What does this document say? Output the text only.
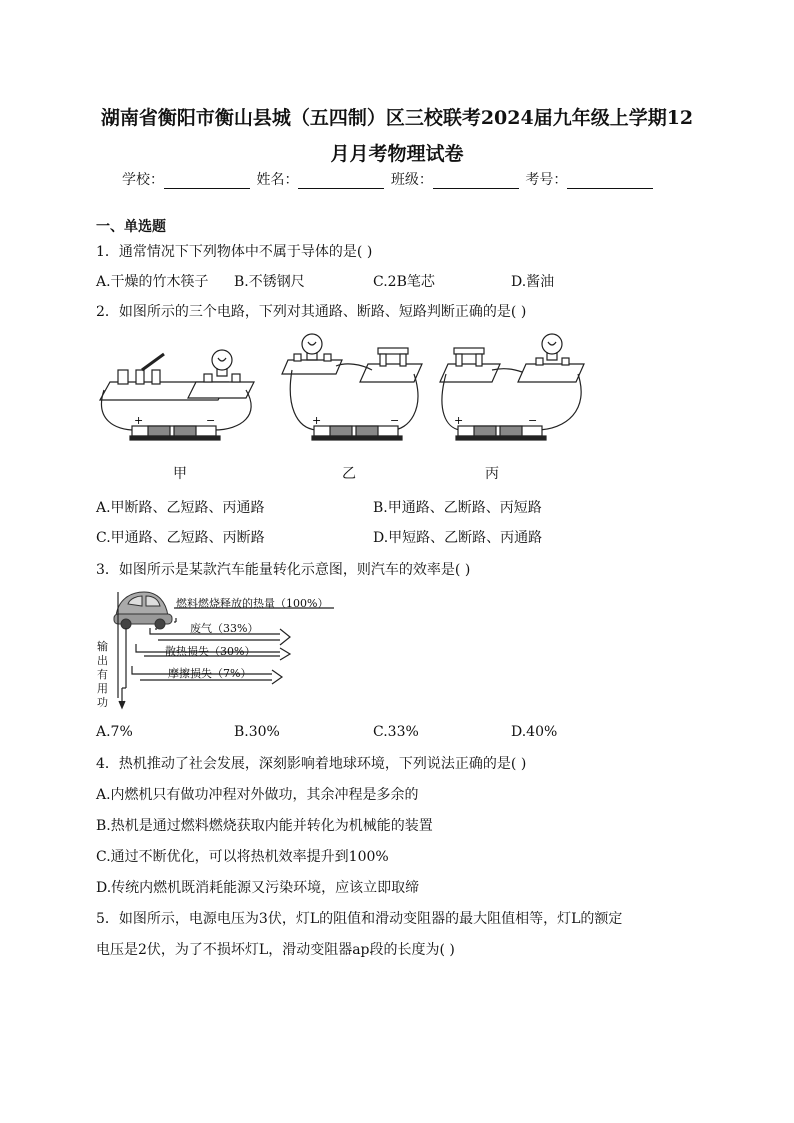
湖南省衡阳市衡山县城（五四制）区三校联考2024届九年级上学期12
月月考物理试卷
学校：	姓名：	班级：	考号：
一、单选题
1．通常情况下下列物体中不属于导体的是( )
A.干燥的竹木筷子 B.不锈钢尺	C.2B笔芯	D.酱油
2．如图所示的三个电路，下列对其通路、断路、短路判断正确的是( )
+	−	+	−	+	−
甲	乙	丙
A.甲断路、乙短路、丙通路	B.甲通路、乙断路、丙短路
C.甲通路、乙短路、丙断路	D.甲短路、乙断路、丙通路
3．如图所示是某款汽车能量转化示意图，则汽车的效率是( )
燃料燃烧释放的热量（100%）
废气（33%）
散热损失（30%）
摩擦损失（7%）
输出有用功
A.7%	B.30%	C.33%	D.40%
4．热机推动了社会发展，深刻影响着地球环境，下列说法正确的是( )
A.内燃机只有做功冲程对外做功，其余冲程是多余的
B.热机是通过燃料燃烧获取内能并转化为机械能的装置
C.通过不断优化，可以将热机效率提升到100%
D.传统内燃机既消耗能源又污染环境，应该立即取缔
5．如图所示，电源电压为3伏，灯L的阻值和滑动变阻器的最大阻值相等，灯L的额定
电压是2伏，为了不损坏灯L，滑动变阻器ap段的长度为( )
